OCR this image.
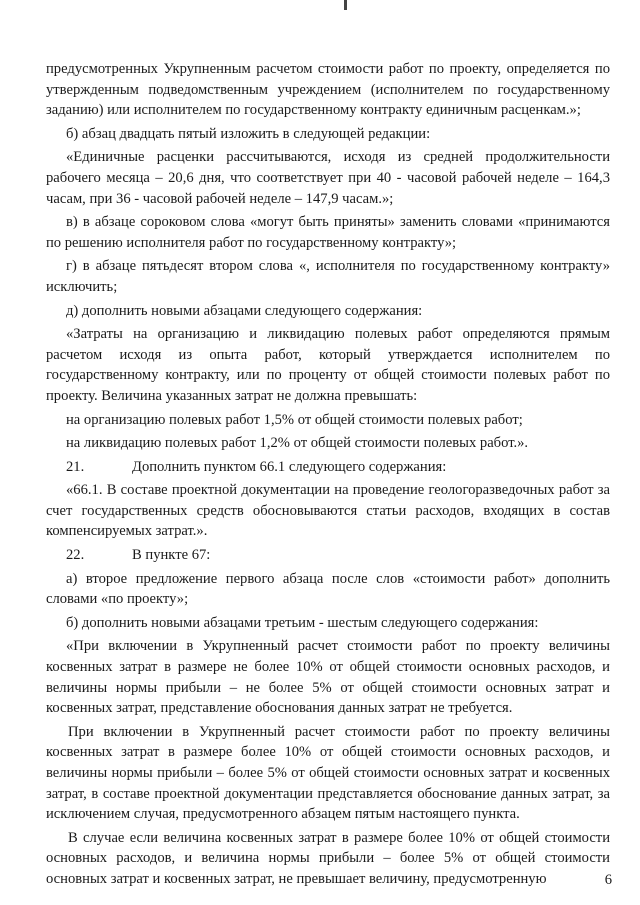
предусмотренных Укрупненным расчетом стоимости работ по проекту, определяется по утвержденным подведомственным учреждением (исполнителем по государственному заданию) или исполнителем по государственному контракту единичным расценкам.»;

б) абзац двадцать пятый изложить в следующей редакции:

«Единичные расценки рассчитываются, исходя из средней продолжительности рабочего месяца – 20,6 дня, что соответствует при 40 - часовой рабочей неделе – 164,3 часам, при 36 - часовой рабочей неделе – 147,9 часам.»;

в) в абзаце сороковом слова «могут быть приняты» заменить словами «принимаются по решению исполнителя работ по государственному контракту»;

г) в абзаце пятьдесят втором слова «, исполнителя по государственному контракту» исключить;

д) дополнить новыми абзацами следующего содержания:

«Затраты на организацию и ликвидацию полевых работ определяются прямым расчетом исходя из опыта работ, который утверждается исполнителем по государственному контракту, или по проценту от общей стоимости полевых работ по проекту. Величина указанных затрат не должна превышать:

на организацию полевых работ 1,5% от общей стоимости полевых работ;

на ликвидацию полевых работ 1,2% от общей стоимости полевых работ.».

21.	Дополнить пунктом 66.1 следующего содержания:

«66.1. В составе проектной документации на проведение геологоразведочных работ за счет государственных средств обосновываются статьи расходов, входящих в состав компенсируемых затрат.».

22.	В пункте 67:

а) второе предложение первого абзаца после слов «стоимости работ» дополнить словами «по проекту»;

б) дополнить новыми абзацами третьим - шестым следующего содержания:

«При включении в Укрупненный расчет стоимости работ по проекту величины косвенных затрат в размере не более 10% от общей стоимости основных расходов, и величины нормы прибыли – не более 5% от общей стоимости основных затрат и косвенных затрат, представление обоснования данных затрат не требуется.

При включении в Укрупненный расчет стоимости работ по проекту величины косвенных затрат в размере более 10% от общей стоимости основных расходов, и величины нормы прибыли – более 5% от общей стоимости основных затрат и косвенных затрат, в составе проектной документации представляется обоснование данных затрат, за исключением случая, предусмотренного абзацем пятым настоящего пункта.

В случае если величина косвенных затрат в размере более 10% от общей стоимости основных расходов, и величина нормы прибыли – более 5% от общей стоимости основных затрат и косвенных затрат, не превышает величину, предусмотренную	6
